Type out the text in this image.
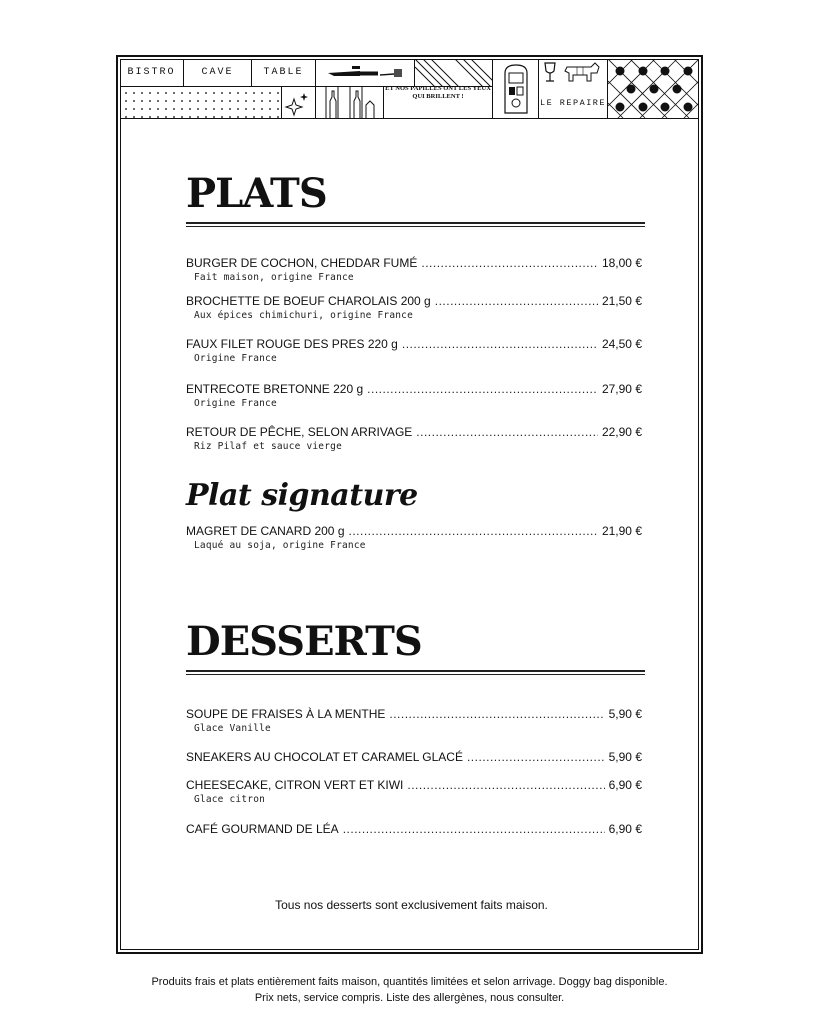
BISTRO	CAVE	TABLE
ET NOS PAPILLES ONT LES YEUX QUI BRILLENT !
LE REPAIRE
PLATS
BURGER DE COCHON, CHEDDAR FUMÉ .....	18,00 €
Fait maison, origine France
BROCHETTE DE BOEUF CHAROLAIS 200 g .....	21,50 €
Aux épices chimichuri, origine France
FAUX FILET ROUGE DES PRES 220 g .....	24,50 €
Origine France
ENTRECOTE BRETONNE 220 g .....	27,90 €
Origine France
RETOUR DE PÊCHE, SELON ARRIVAGE .....	22,90 €
Riz Pilaf et sauce vierge
Plat signature
MAGRET DE CANARD 200 g .....	21,90 €
Laqué au soja, origine France
DESSERTS
SOUPE DE FRAISES À LA MENTHE .....	5,90 €
Glace Vanille
SNEAKERS AU CHOCOLAT ET CARAMEL GLACÉ .....	5,90 €
CHEESECAKE, CITRON VERT ET KIWI .....	6,90 €
Glace citron
CAFÉ GOURMAND DE LÉA .....	6,90 €
Tous nos desserts sont exclusivement faits maison.
Produits frais et plats entièrement faits maison, quantités limitées et selon arrivage. Doggy bag disponible.
Prix nets, service compris. Liste des allergènes, nous consulter.
